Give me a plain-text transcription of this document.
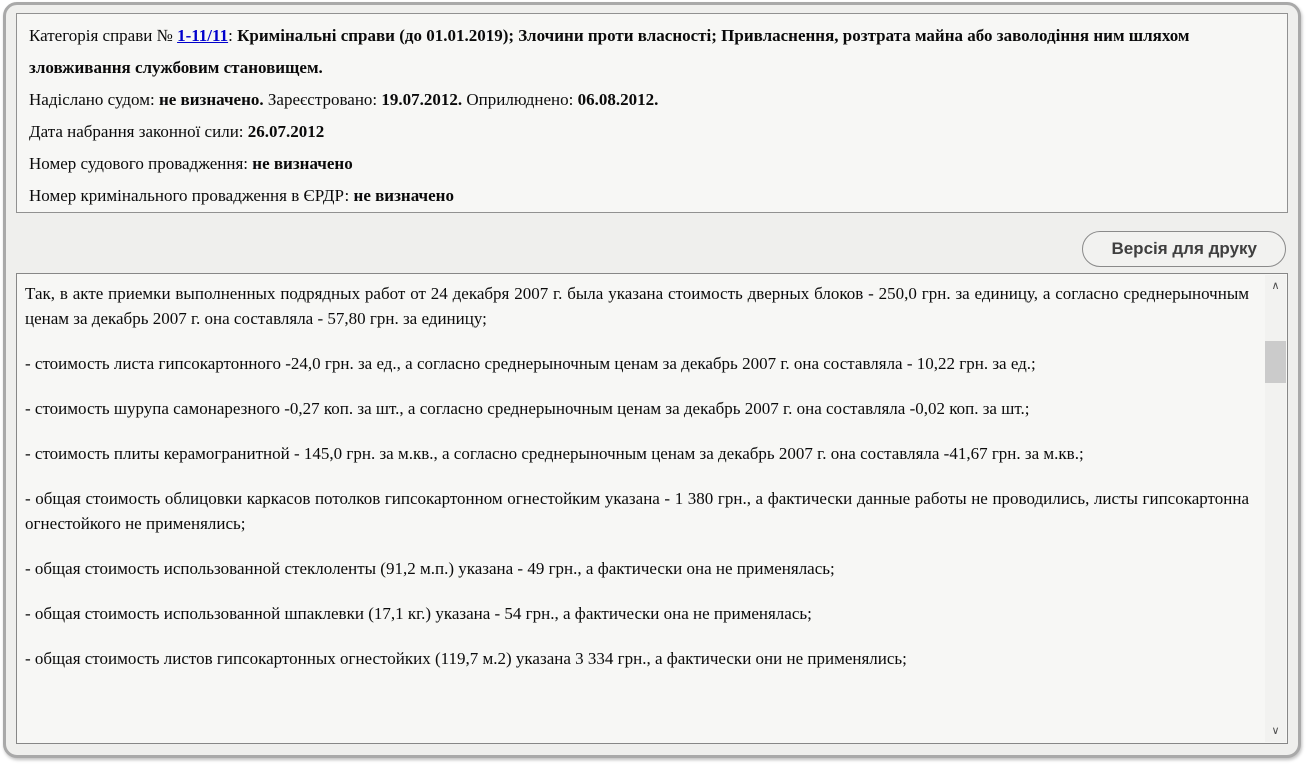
Категорія справи № 1-11/11: Кримінальні справи (до 01.01.2019); Злочини проти власності; Привласнення, розтрата майна або заволодіння ним шляхом зловживання службовим становищем.

Надіслано судом: не визначено. Зареєстровано: 19.07.2012. Оприлюднено: 06.08.2012.

Дата набрання законної сили: 26.07.2012

Номер судового провадження: не визначено

Номер кримінального провадження в ЄРДР: не визначено

Версія для друку

Так, в акте приемки выполненных подрядных работ от 24 декабря 2007 г. была указана стоимость дверных блоков - 250,0 грн. за единицу, а согласно среднерыночным ценам за декабрь 2007 г. она составляла - 57,80 грн. за единицу;

- стоимость листа гипсокартонного -24,0 грн. за ед., а согласно среднерыночным ценам за декабрь 2007 г. она составляла - 10,22 грн. за ед.;

- стоимость шурупа самонарезного -0,27 коп. за шт., а согласно среднерыночным ценам за декабрь 2007 г. она составляла -0,02 коп. за шт.;

- стоимость плиты керамогранитной - 145,0 грн. за м.кв., а согласно среднерыночным ценам за декабрь 2007 г. она составляла -41,67 грн. за м.кв.;

- общая стоимость облицовки каркасов потолков гипсокартонном огнестойким указана - 1 380 грн., а фактически данные работы не проводились, листы гипсокартонна огнестойкого не применялись;

- общая стоимость использованной стеклоленты (91,2 м.п.) указана - 49 грн., а фактически она не применялась;

- общая стоимость использованной шпаклевки (17,1 кг.) указана - 54 грн., а фактически она не применялась;

- общая стоимость листов гипсокартонных огнестойких (119,7 м.2) указана 3 334 грн., а фактически они не применялись;

∧
∨
